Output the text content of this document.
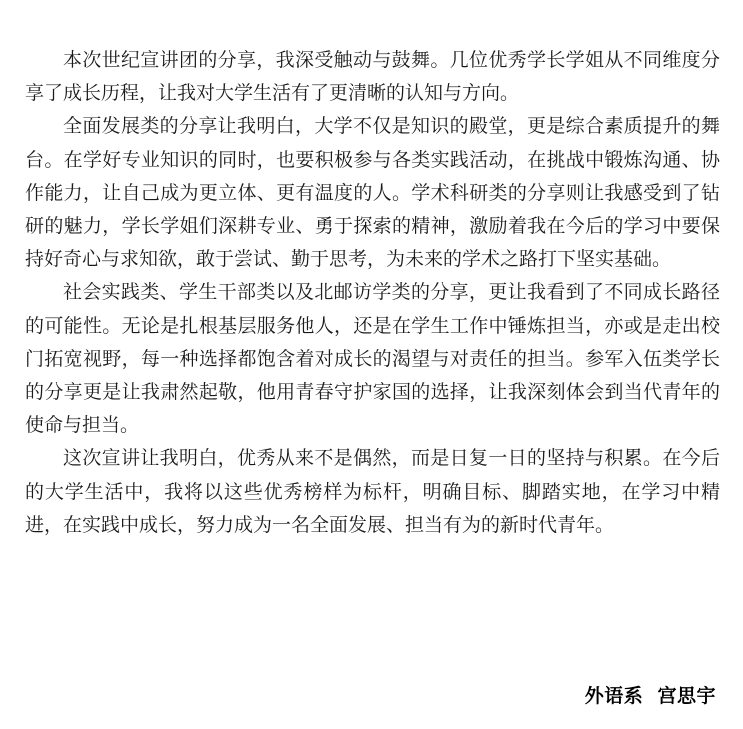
本次世纪宣讲团的分享，我深受触动与鼓舞。几位优秀学长学姐从不同维度分享了成长历程，让我对大学生活有了更清晰的认知与方向。

全面发展类的分享让我明白，大学不仅是知识的殿堂，更是综合素质提升的舞台。在学好专业知识的同时，也要积极参与各类实践活动，在挑战中锻炼沟通、协作能力，让自己成为更立体、更有温度的人。学术科研类的分享则让我感受到了钻研的魅力，学长学姐们深耕专业、勇于探索的精神，激励着我在今后的学习中要保持好奇心与求知欲，敢于尝试、勤于思考，为未来的学术之路打下坚实基础。

社会实践类、学生干部类以及北邮访学类的分享，更让我看到了不同成长路径的可能性。无论是扎根基层服务他人，还是在学生工作中锤炼担当，亦或是走出校门拓宽视野，每一种选择都饱含着对成长的渴望与对责任的担当。参军入伍类学长的分享更是让我肃然起敬，他用青春守护家国的选择，让我深刻体会到当代青年的使命与担当。

这次宣讲让我明白，优秀从来不是偶然，而是日复一日的坚持与积累。在今后的大学生活中，我将以这些优秀榜样为标杆，明确目标、脚踏实地，在学习中精进，在实践中成长，努力成为一名全面发展、担当有为的新时代青年。

外语系  宫思宇
